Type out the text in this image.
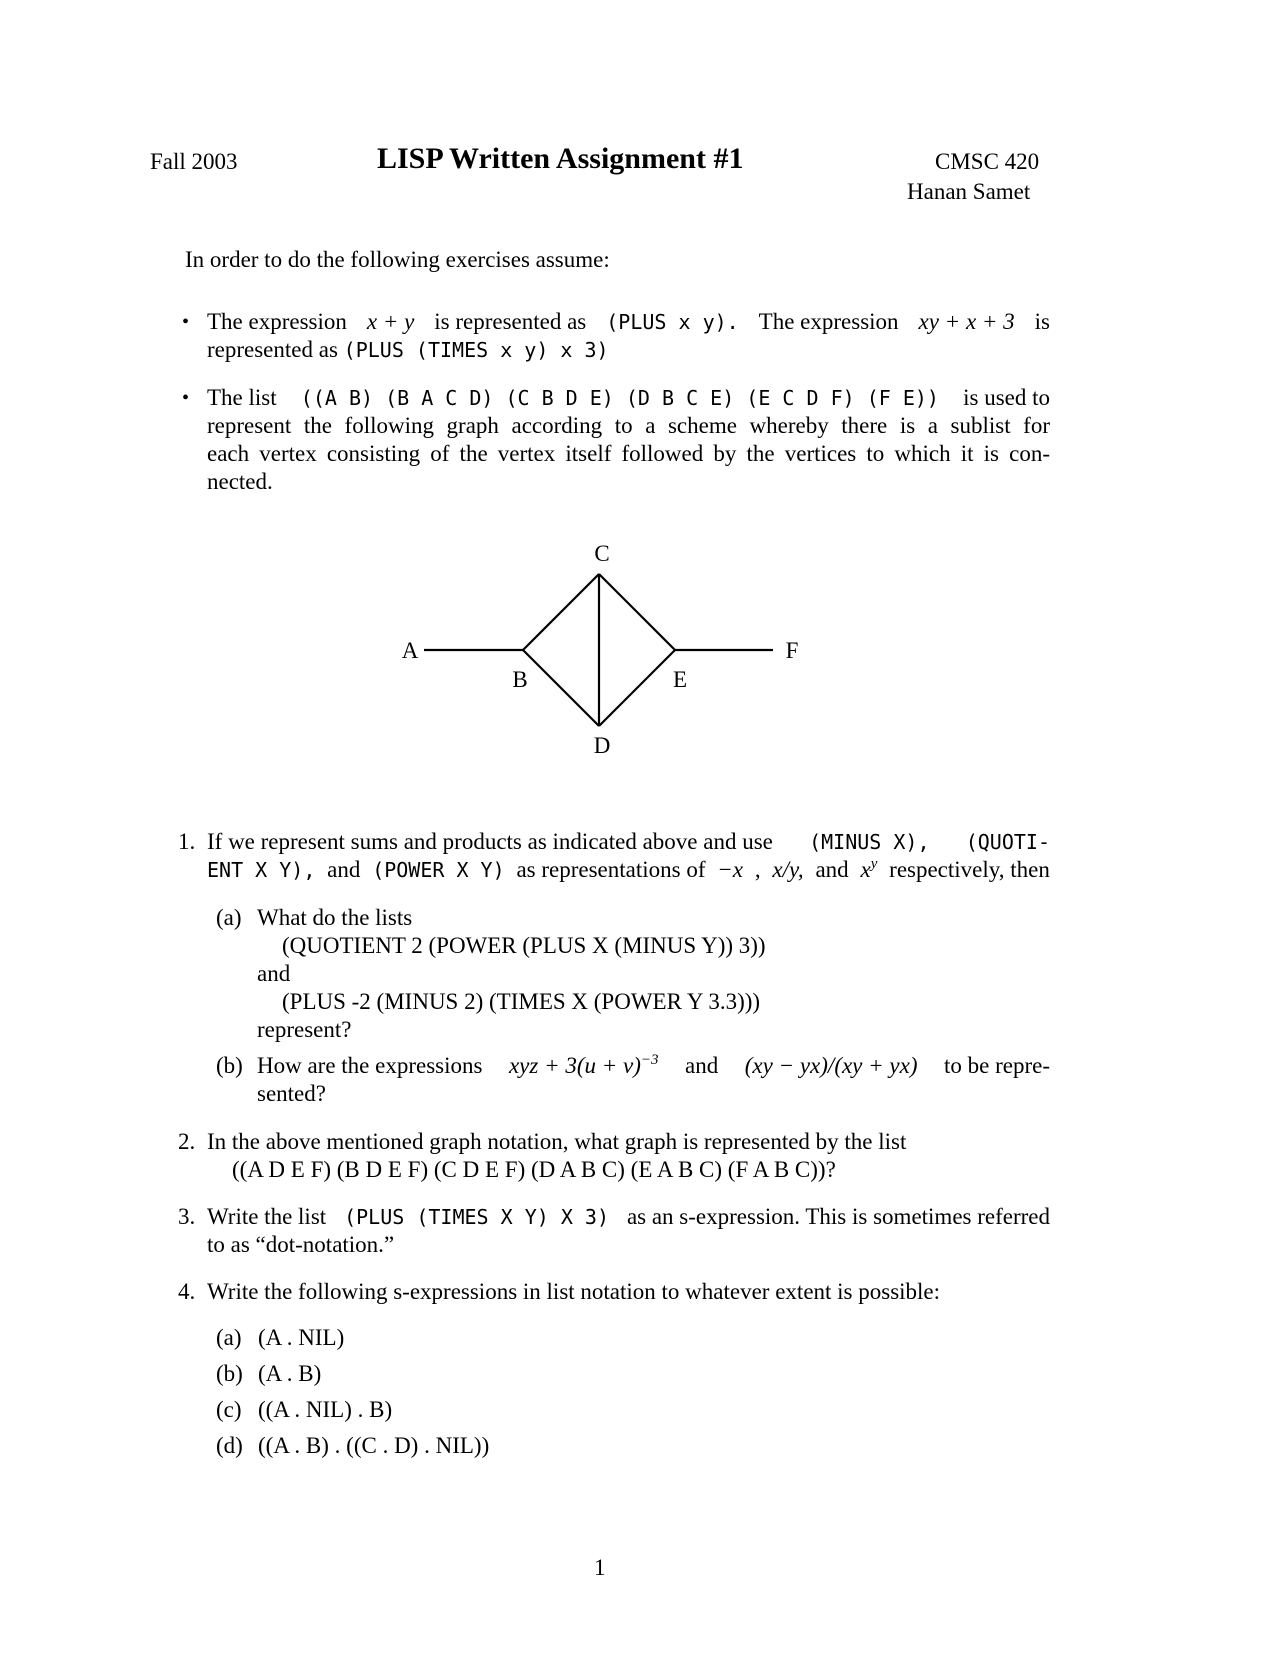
Fall 2003	LISP Written Assignment #1	CMSC 420
Hanan Samet
In order to do the following exercises assume:
• The expression x + y is represented as (PLUS x y). The expression xy + x + 3 is
represented as (PLUS (TIMES x y) x 3)
• The list ((A B) (B A C D) (C B D E) (D B C E) (E C D F) (F E)) is used to
represent the following graph according to a scheme whereby there is a sublist for
each vertex consisting of the vertex itself followed by the vertices to which it is con-
nected.
A
B
C
D
E
F
1. If we represent sums and products as indicated above and use (MINUS X), (QUOTI-
ENT X Y), and (POWER X Y) as representations of −x , x/y, and $x^y$ respectively, then
(a) What do the lists
(QUOTIENT 2 (POWER (PLUS X (MINUS Y)) 3))
and
(PLUS -2 (MINUS 2) (TIMES X (POWER Y 3.3)))
represent?
(b) How are the expressions xyz + $3(u + v)^{-3}$ and (xy − yx)/(xy + yx) to be repre-
sented?
2. In the above mentioned graph notation, what graph is represented by the list
((A D E F) (B D E F) (C D E F) (D A B C) (E A B C) (F A B C))?
3. Write the list (PLUS (TIMES X Y) X 3) as an s-expression. This is sometimes referred
to as “dot-notation.”
4. Write the following s-expressions in list notation to whatever extent is possible:
(a) (A . NIL)
(b) (A . B)
(c) ((A . NIL) . B)
(d) ((A . B) . ((C . D) . NIL))
1
